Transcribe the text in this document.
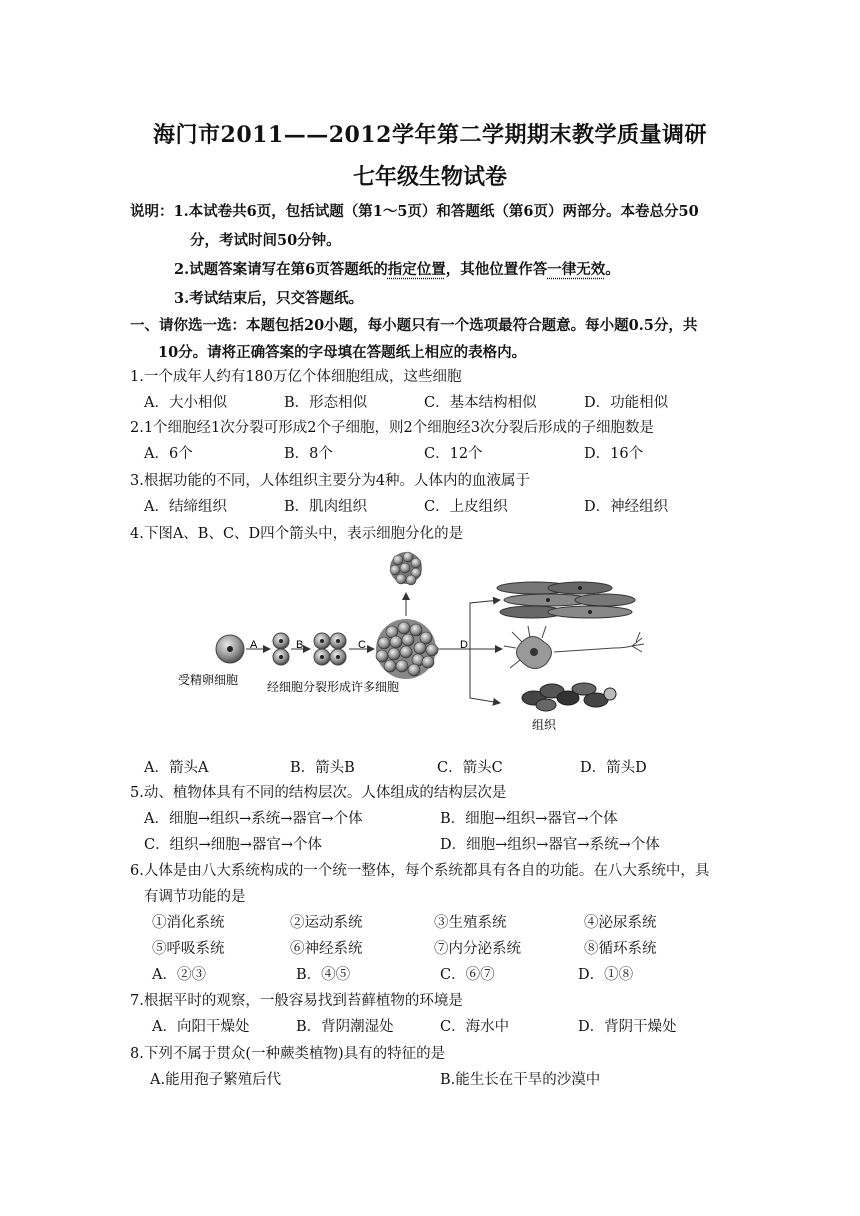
海门市2011——2012学年第二学期期末教学质量调研
七年级生物试卷
说明：1.本试卷共6页，包括试题（第1～5页）和答题纸（第6页）两部分。本卷总分50
分，考试时间50分钟。
2.试题答案请写在第6页答题纸的指定位置，其他位置作答一律无效。
3.考试结束后，只交答题纸。
一、请你选一选：本题包括20小题，每小题只有一个选项最符合题意。每小题0.5分，共
10分。请将正确答案的字母填在答题纸上相应的表格内。
1.一个成年人约有180万亿个体细胞组成，这些细胞
A．大小相似	B．形态相似	C．基本结构相似	D．功能相似
2.1个细胞经1次分裂可形成2个子细胞，则2个细胞经3次分裂后形成的子细胞数是
A．6个	B．8个	C．12个	D．16个
3.根据功能的不同，人体组织主要分为4种。人体内的血液属于
A．结缔组织	B．肌肉组织	C．上皮组织	D．神经组织
4.下图A、B、C、D四个箭头中，表示细胞分化的是
A	B	C	D
受精卵细胞 经细胞分裂形成许多细胞
组织
A．箭头A	B．箭头B	C．箭头C	D．箭头D
5.动、植物体具有不同的结构层次。人体组成的结构层次是
A．细胞→组织→系统→器官→个体	B．细胞→组织→器官→个体
C．组织→细胞→器官→个体	D．细胞→组织→器官→系统→个体
6.人体是由八大系统构成的一个统一整体，每个系统都具有各自的功能。在八大系统中，具
有调节功能的是
①消化系统	②运动系统	③生殖系统	④泌尿系统
⑤呼吸系统	⑥神经系统	⑦内分泌系统	⑧循环系统
A．②③	B．④⑤	C．⑥⑦	D．①⑧
7.根据平时的观察，一般容易找到苔藓植物的环境是
A．向阳干燥处	B．背阴潮湿处	C．海水中	D．背阴干燥处
8.下列不属于贯众(一种蕨类植物)具有的特征的是
A.能用孢子繁殖后代	B.能生长在干旱的沙漠中
